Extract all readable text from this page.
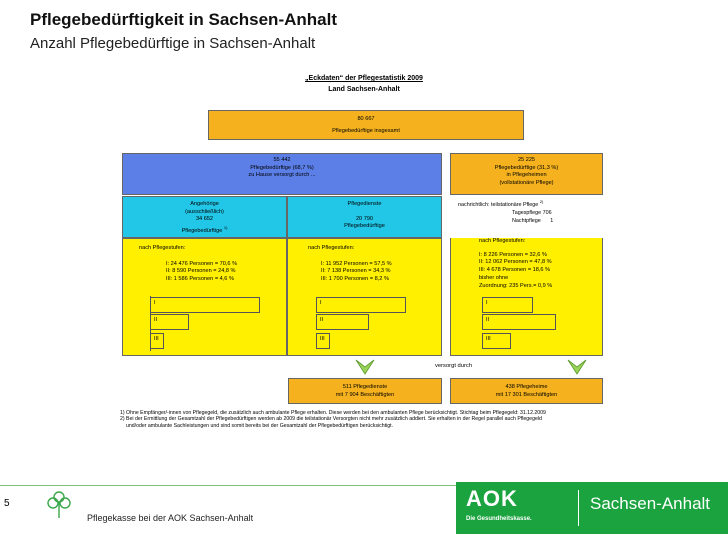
Pflegebedürftigkeit in Sachsen-Anhalt
Anzahl Pflegebedürftige in Sachsen-Anhalt
„Eckdaten“ der Pflegestatistik 2009
Land Sachsen-Anhalt
80 667
Pflegebedürftige insgesamt
55 442
Pflegebedürftige (68,7 %)
zu Hause versorgt durch ...
25 225
Pflegebedürftige (31,3 %)
in Pflegeheimen
(vollstationäre Pflege)
Angehörige
(ausschließlich)
34 652
Pflegebedürftige $^{1)}$
Pflegedienste
20 790
Pflegebedürftige
nachrichtlich: teilstationäre Pflege $^{2)}$
Tagespflege 706
Nachtpflege 1
nach Pflegestufen:
I: 24 476 Personen = 70,6 %
II: 8 590 Personen = 24,8 %
III: 1 586 Personen = 4,6 %
I
II
III
nach Pflegestufen:
I: 11 952 Personen = 57,5 %
II: 7 138 Personen = 34,3 %
III: 1 700 Personen = 8,2 %
I
II
III
nach Pflegestufen:
I: 8 226 Personen = 32,6 %
II: 12 062 Personen = 47,8 %
III: 4 678 Personen = 18,6 %
bisher ohne
Zuordnung: 235 Pers.= 0,9 %
I
II
III
versorgt durch
511 Pflegedienste
mit 7 904 Beschäftigten
438 Pflegeheime
mit 17 301 Beschäftigten
1) Ohne Empfänger/-innen von Pflegegeld, die zusätzlich auch ambulante Pflege erhalten. Diese werden bei den ambulanten Pflege berücksichtigt. Stichtag beim Pflegegeld: 31.12.2009
2) Bei der Ermittlung der Gesamtzahl der Pflegebedürftigen werden ab 2009 die teilstationär Versorgten nicht mehr zusätzlich addiert. Sie erhalten in der Regel parallel auch Pflegegeld
und/oder ambulante Sachleistungen und sind somit bereits bei der Gesamtzahl der Pflegebedürftigen berücksichtigt.
5
Pflegekasse bei der AOK Sachsen-Anhalt
AOK
Die Gesundheitskasse.
Sachsen-Anhalt
